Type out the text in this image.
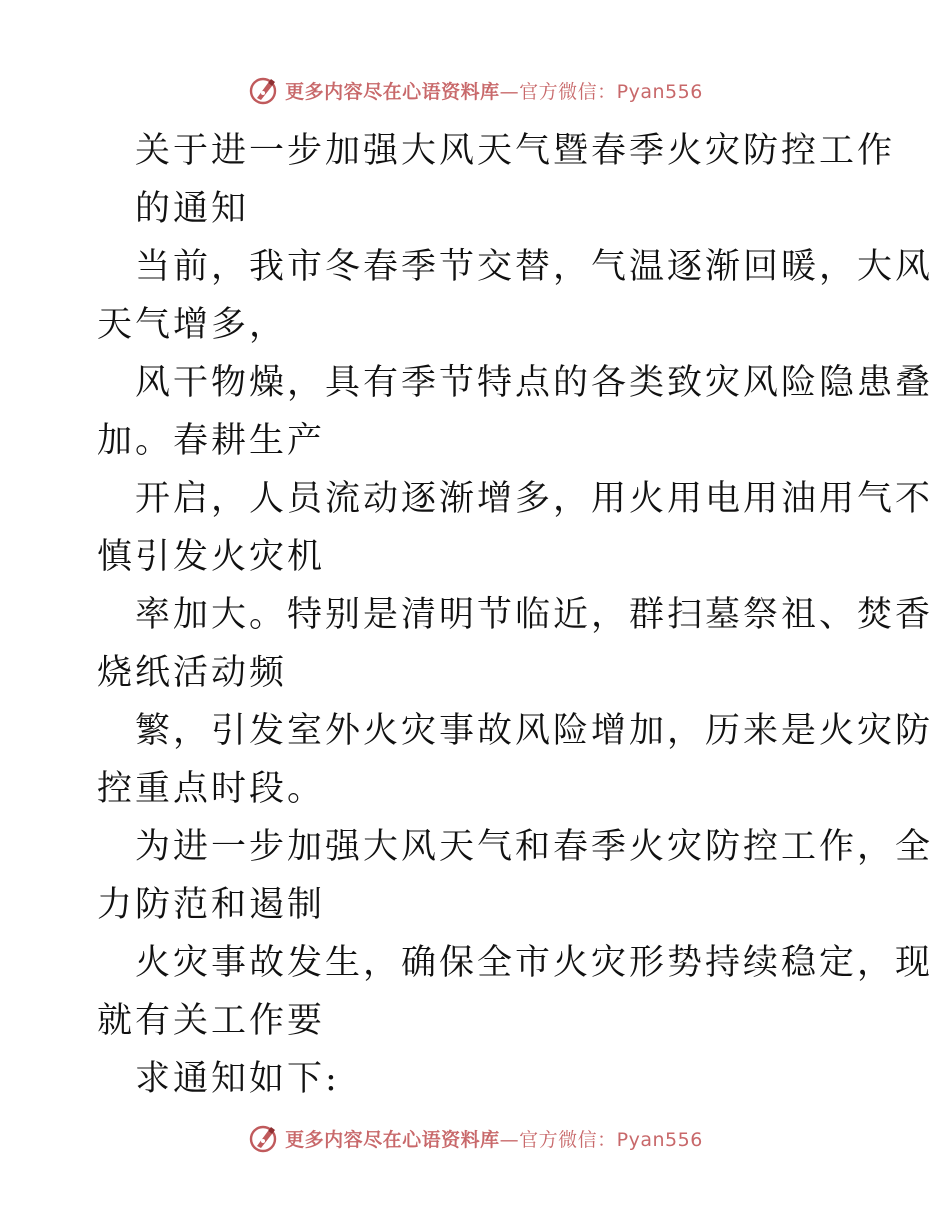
更多内容尽在心语资料库—官方微信：Pyan556
关于进一步加强大风天气暨春季火灾防控工作
的通知
当前，我市冬春季节交替，气温逐渐回暖，大风
天气增多，
风干物燥，具有季节特点的各类致灾风险隐患叠
加。春耕生产
开启，人员流动逐渐增多，用火用电用油用气不
慎引发火灾机
率加大。特别是清明节临近，群扫墓祭祖、焚香
烧纸活动频
繁，引发室外火灾事故风险增加，历来是火灾防
控重点时段。
为进一步加强大风天气和春季火灾防控工作，全
力防范和遏制
火灾事故发生，确保全市火灾形势持续稳定，现
就有关工作要
求通知如下:
更多内容尽在心语资料库—官方微信：Pyan556
